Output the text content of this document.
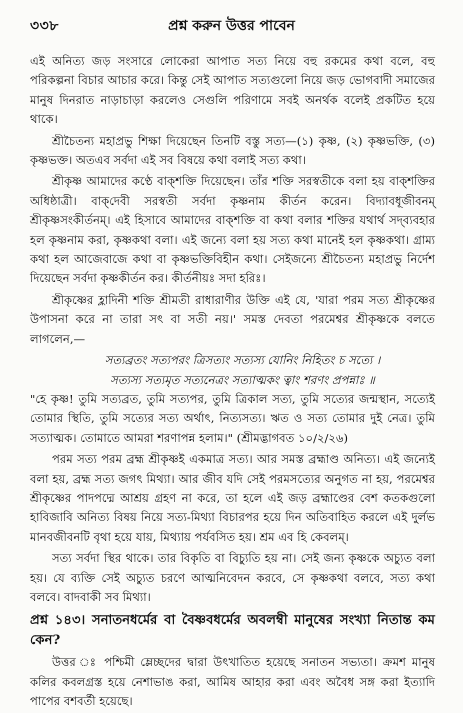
৩৩৮	প্রশ্ন করুন উত্তর পাবেন

এই অনিত্য জড় সংসারে লোকেরা আপাত সত্য নিয়ে বহু রকমের কথা বলে, বহু পরিকল্পনা বিচার আচার করে। কিন্তু সেই আপাত সত্যগুলো নিয়ে জড় ভোগবাদী সমাজের মানুষ দিনরাত নাড়াচাড়া করলেও সেগুলি পরিণামে সবই অনর্থক বলেই প্রকটিত হয়ে থাকে।

শ্রীচৈতন্য মহাপ্রভু শিক্ষা দিয়েছেন তিনটি বস্তু সত্য—(১) কৃষ্ণ, (২) কৃষ্ণভক্তি, (৩) কৃষ্ণভক্ত। অতএব সর্বদা এই সব বিষয়ে কথা বলাই সত্য কথা।

শ্রীকৃষ্ণ আমাদের কণ্ঠে বাক্‌শক্তি দিয়েছেন। তাঁর শক্তি সরস্বতীকে বলা হয় বাক্‌শক্তির অধিষ্ঠাত্রী। বাক্‌দেবী সরস্বতী সর্বদা কৃষ্ণনাম কীর্তন করেন। বিদ্যাবধূজীবনম্ শ্রীকৃষ্ণসংকীর্তনম্। এই হিসাবে আমাদের বাক্‌শক্তি বা কথা বলার শক্তির যথার্থ সদ্‌ব্যবহার হল কৃষ্ণনাম করা, কৃষ্ণকথা বলা। এই জন্যে বলা হয় সত্য কথা মানেই হল কৃষ্ণকথা। গ্রাম্য কথা হল আজেবাজে কথা বা কৃষ্ণভক্তিবিহীন কথা। সেইজন্যে শ্রীচৈতন্য মহাপ্রভু নির্দেশ দিয়েছেন সর্বদা কৃষ্ণকীর্তন কর। কীর্তনীয়ঃ সদা হরিঃ।

শ্রীকৃষ্ণের হ্লাদিনী শক্তি শ্রীমতী রাধারাণীর উক্তি এই যে, 'যারা পরম সত্য শ্রীকৃষ্ণের উপাসনা করে না তারা সৎ বা সতী নয়।' সমস্ত দেবতা পরমেশ্বর শ্রীকৃষ্ণকে বলতে লাগলেন,—

সত্যব্রতং সত্যপরং ত্রিসত্যং সত্যস্য যোনিং নিহিতং চ সত্যে ।

সত্যস্য সত্যমৃত সত্যনেত্রং সত্যাত্মকং ত্বাং শরণং প্রপন্নাঃ ॥

"হে কৃষ্ণ! তুমি সত্যব্রত, তুমি সত্যপর, তুমি ত্রিকাল সত্য, তুমি সত্যের জন্মস্থান, সত্যেই তোমার স্থিতি, তুমি সত্যের সত্য অর্থাৎ, নিত্যসত্য। ঋত ও সত্য তোমার দুই নেত্র। তুমি সত্যাত্মক। তোমাতে আমরা শরণাপন্ন হলাম।" (শ্রীমদ্ভাগবত ১০/২/২৬)

পরম সত্য পরম ব্রহ্ম শ্রীকৃষ্ণই একমাত্র সত্য। আর সমস্ত ব্রহ্মাণ্ড অনিত্য। এই জন্যেই বলা হয়, ব্রহ্ম সত্য জগৎ মিথ্যা। আর জীব যদি সেই পরমসত্যের অনুগত না হয়, পরমেশ্বর শ্রীকৃষ্ণের পাদপদ্মে আশ্রয় গ্রহণ না করে, তা হলে এই জড় ব্রহ্মাণ্ডের বেশ কতকগুলো হাবিজাবি অনিত্য বিষয় নিয়ে সত্য-মিথ্যা বিচারপর হয়ে দিন অতিবাহিত করলে এই দুর্লভ মানবজীবনটি বৃথা হয়ে যায়, মিথ্যায় পর্যবসিত হয়। শ্রম এব হি কেবলম্।

সত্য সর্বদা স্থির থাকে। তার বিকৃতি বা বিচ্যুতি হয় না। সেই জন্য কৃষ্ণকে অচ্যুত বলা হয়। যে ব্যক্তি সেই অচ্যুত চরণে আত্মনিবেদন করবে, সে কৃষ্ণকথা বলবে, সত্য কথা বলবে। বাদবাকী সব মিথ্যা।

প্রশ্ন ১৪৩। সনাতনধর্মের বা বৈষ্ণবধর্মের অবলম্বী মানুষের সংখ্যা নিতান্ত কম কেন?

উত্তর ঃ পশ্চিমী ম্লেচ্ছদের দ্বারা উৎখাতিত হয়েছে সনাতন সভ্যতা। ক্রমশ মানুষ কলির কবলগ্রস্ত হয়ে নেশাভাঙ করা, আমিষ আহার করা এবং অবৈধ সঙ্গ করা ইত্যাদি পাপের বশবর্তী হয়েছে।
